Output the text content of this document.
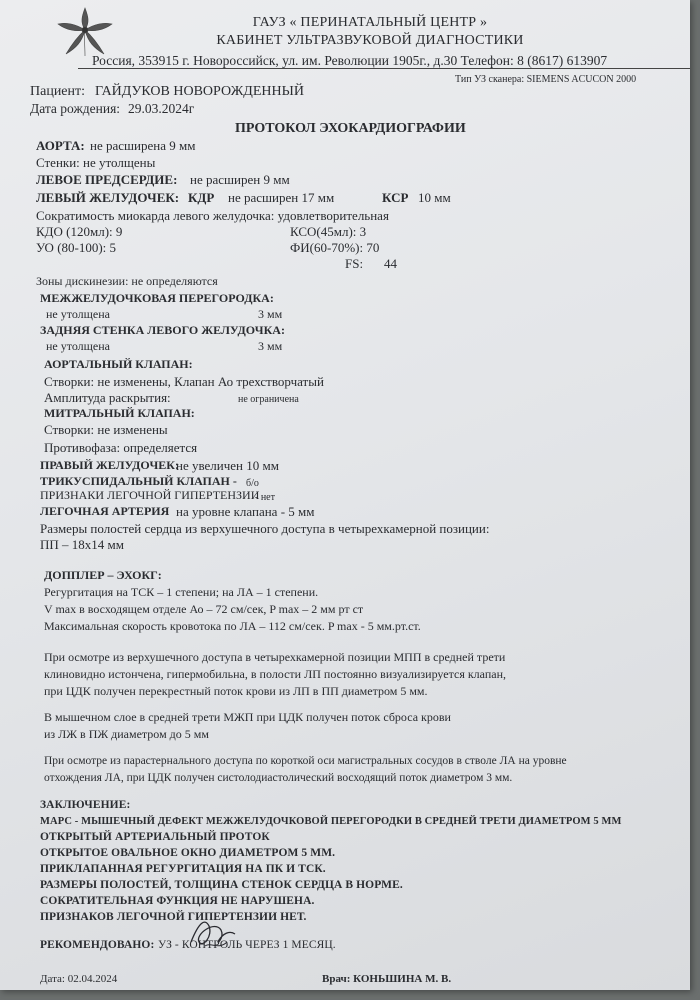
ГАУЗ « ПЕРИНАТАЛЬНЫЙ ЦЕНТР »
КАБИНЕТ УЛЬТРАЗВУКОВОЙ ДИАГНОСТИКИ
Россия, 353915 г. Новороссийск, ул. им. Революции 1905г., д.30 Телефон: 8 (8617) 613907
Тип УЗ сканера: SIEMENS ACUCON 2000
Пациент: ГАЙДУКОВ НОВОРОЖДЕННЫЙ
Дата рождения: 29.03.2024г
ПРОТОКОЛ ЭХОКАРДИОГРАФИИ
АОРТА: не расширена 9 мм
Стенки: не утолщены
ЛЕВОЕ ПРЕДСЕРДИЕ: не расширен 9 мм
ЛЕВЫЙ ЖЕЛУДОЧЕК: КДР не расширен 17 мм	КСР 10 мм
Сократимость миокарда левого желудочка: удовлетворительная
КДО (120мл): 9	КСО(45мл): 3
УО (80-100): 5	ФИ(60-70%): 70
FS: 44
Зоны дискинезии: не определяются
МЕЖЖЕЛУДОЧКОВАЯ ПЕРЕГОРОДКА:
не утолщена	3 мм
ЗАДНЯЯ СТЕНКА ЛЕВОГО ЖЕЛУДОЧКА:
не утолщена	3 мм
АОРТАЛЬНЫЙ КЛАПАН:
Створки: не изменены, Клапан Ао трехстворчатый
Амплитуда раскрытия:	не ограничена
МИТРАЛЬНЫЙ КЛАПАН:
Створки: не изменены
Противофаза: определяется
ПРАВЫЙ ЖЕЛУДОЧЕК:
не увеличен 10 мм
ТРИКУСПИДАЛЬНЫЙ КЛАПАН - б/о
ПРИЗНАКИ ЛЕГОЧНОЙ ГИПЕРТЕНЗИИ
- нет
ЛЕГОЧНАЯ АРТЕРИЯ на уровне клапана - 5 мм
Размеры полостей сердца из верхушечного доступа в четырехкамерной позиции:
ПП – 18х14 мм
ДОППЛЕР – ЭХОКГ:
Регургитация на ТСК – 1 степени; на ЛА – 1 степени.
V max в восходящем отделе Ао – 72 см/сек, P max – 2 мм рт ст
Максимальная скорость кровотока по ЛА – 112 см/сек. P max - 5 мм.рт.ст.
При осмотре из верхушечного доступа в четырехкамерной позиции МПП в средней трети
клиновидно истончена, гипермобильна, в полости ЛП постоянно визуализируется клапан,
при ЦДК получен перекрестный поток крови из ЛП в ПП диаметром 5 мм.
В мышечном слое в средней трети МЖП при ЦДК получен поток сброса крови
из ЛЖ в ПЖ диаметром до 5 мм
При осмотре из парастернального доступа по короткой оси магистральных сосудов в стволе ЛА на уровне
отхождения ЛА, при ЦДК получен систолодиастолический восходящий поток диаметром 3 мм.
ЗАКЛЮЧЕНИЕ:
МАРС - МЫШЕЧНЫЙ ДЕФЕКТ МЕЖЖЕЛУДОЧКОВОЙ ПЕРЕГОРОДКИ В СРЕДНЕЙ ТРЕТИ ДИАМЕТРОМ 5 ММ
ОТКРЫТЫЙ АРТЕРИАЛЬНЫЙ ПРОТОК
ОТКРЫТОЕ ОВАЛЬНОЕ ОКНО ДИАМЕТРОМ 5 ММ.
ПРИКЛАПАННАЯ РЕГУРГИТАЦИЯ НА ПК И ТСК.
РАЗМЕРЫ ПОЛОСТЕЙ, ТОЛЩИНА СТЕНОК СЕРДЦА В НОРМЕ.
СОКРАТИТЕЛЬНАЯ ФУНКЦИЯ НЕ НАРУШЕНА.
ПРИЗНАКОВ ЛЕГОЧНОЙ ГИПЕРТЕНЗИИ НЕТ.
РЕКОМЕНДОВАНО: УЗ - КОНТРОЛЬ ЧЕРЕЗ 1 МЕСЯЦ.
Дата: 02.04.2024	Врач: КОНЬШИНА М. В.
